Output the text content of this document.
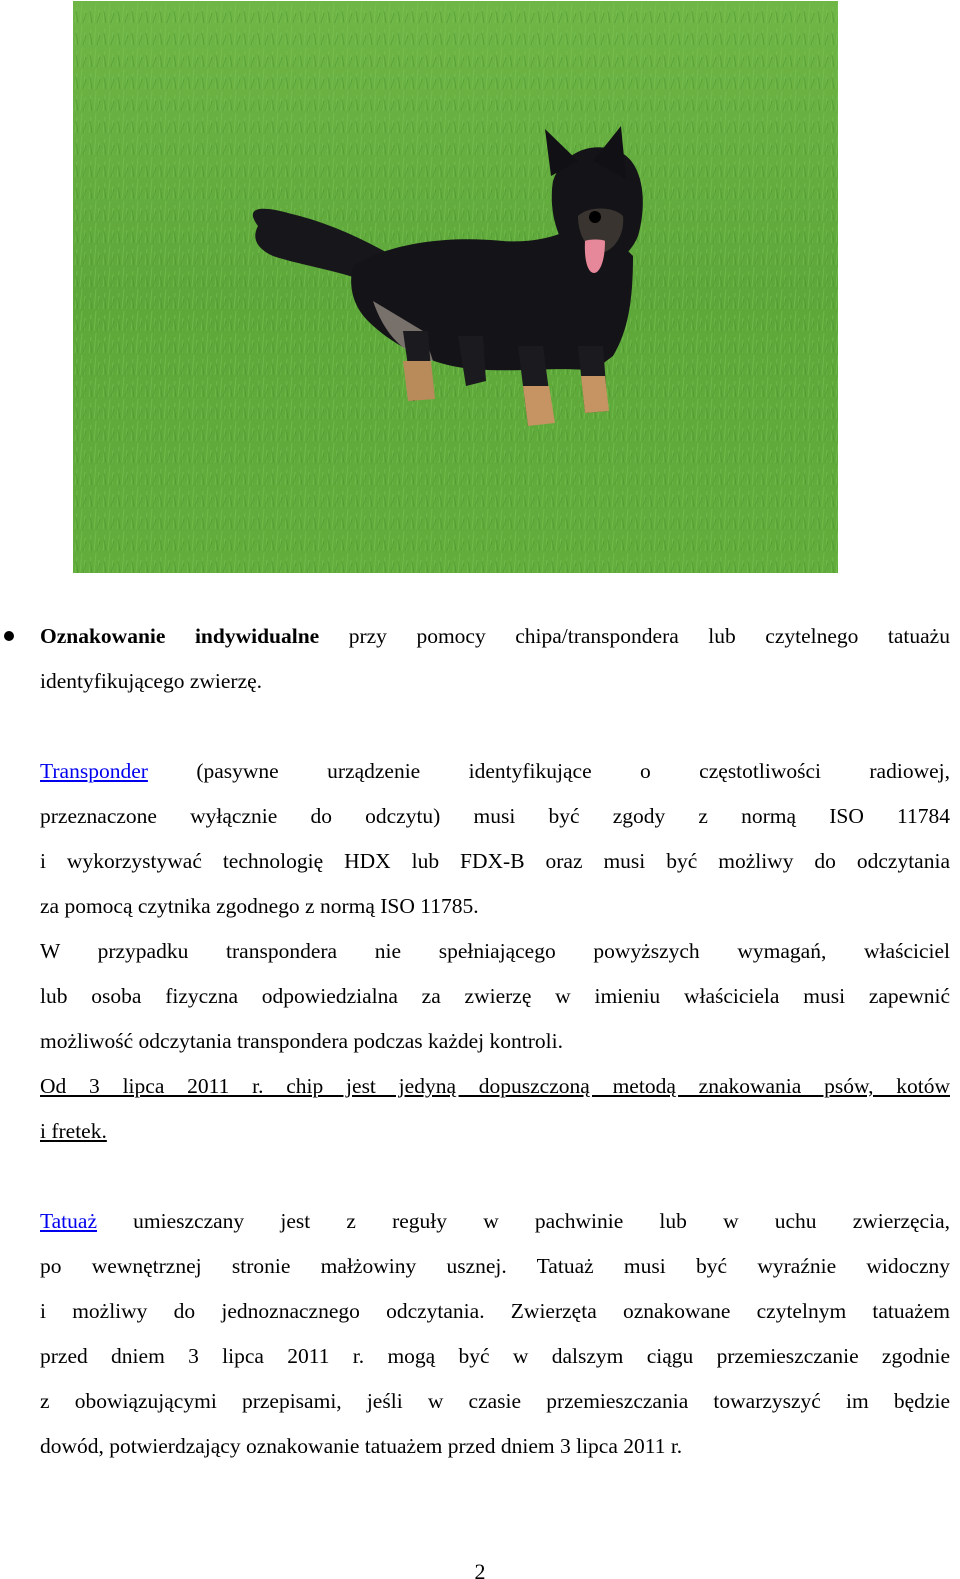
Oznakowanie indywidualne przy pomocy chipa/transpondera lub czytelnego tatuażu
identyfikującego zwierzę.
Transponder (pasywne urządzenie identyfikujące o częstotliwości radiowej,
przeznaczone wyłącznie do odczytu) musi być zgody z normą ISO 11784
i wykorzystywać technologię HDX lub FDX-B oraz musi być możliwy do odczytania
za pomocą czytnika zgodnego z normą ISO 11785.
W przypadku transpondera nie spełniającego powyższych wymagań, właściciel
lub osoba fizyczna odpowiedzialna za zwierzę w imieniu właściciela musi zapewnić
możliwość odczytania transpondera podczas każdej kontroli.
Od 3 lipca 2011 r. chip jest jedyną dopuszczoną metodą znakowania psów, kotów
i fretek.
Tatuaż umieszczany jest z reguły w pachwinie lub w uchu zwierzęcia,
po wewnętrznej stronie małżowiny usznej. Tatuaż musi być wyraźnie widoczny
i możliwy do jednoznacznego odczytania. Zwierzęta oznakowane czytelnym tatuażem
przed dniem 3 lipca 2011 r. mogą być w dalszym ciągu przemieszczanie zgodnie
z obowiązującymi przepisami, jeśli w czasie przemieszczania towarzyszyć im będzie
dowód, potwierdzający oznakowanie tatuażem przed dniem 3 lipca 2011 r.
2
